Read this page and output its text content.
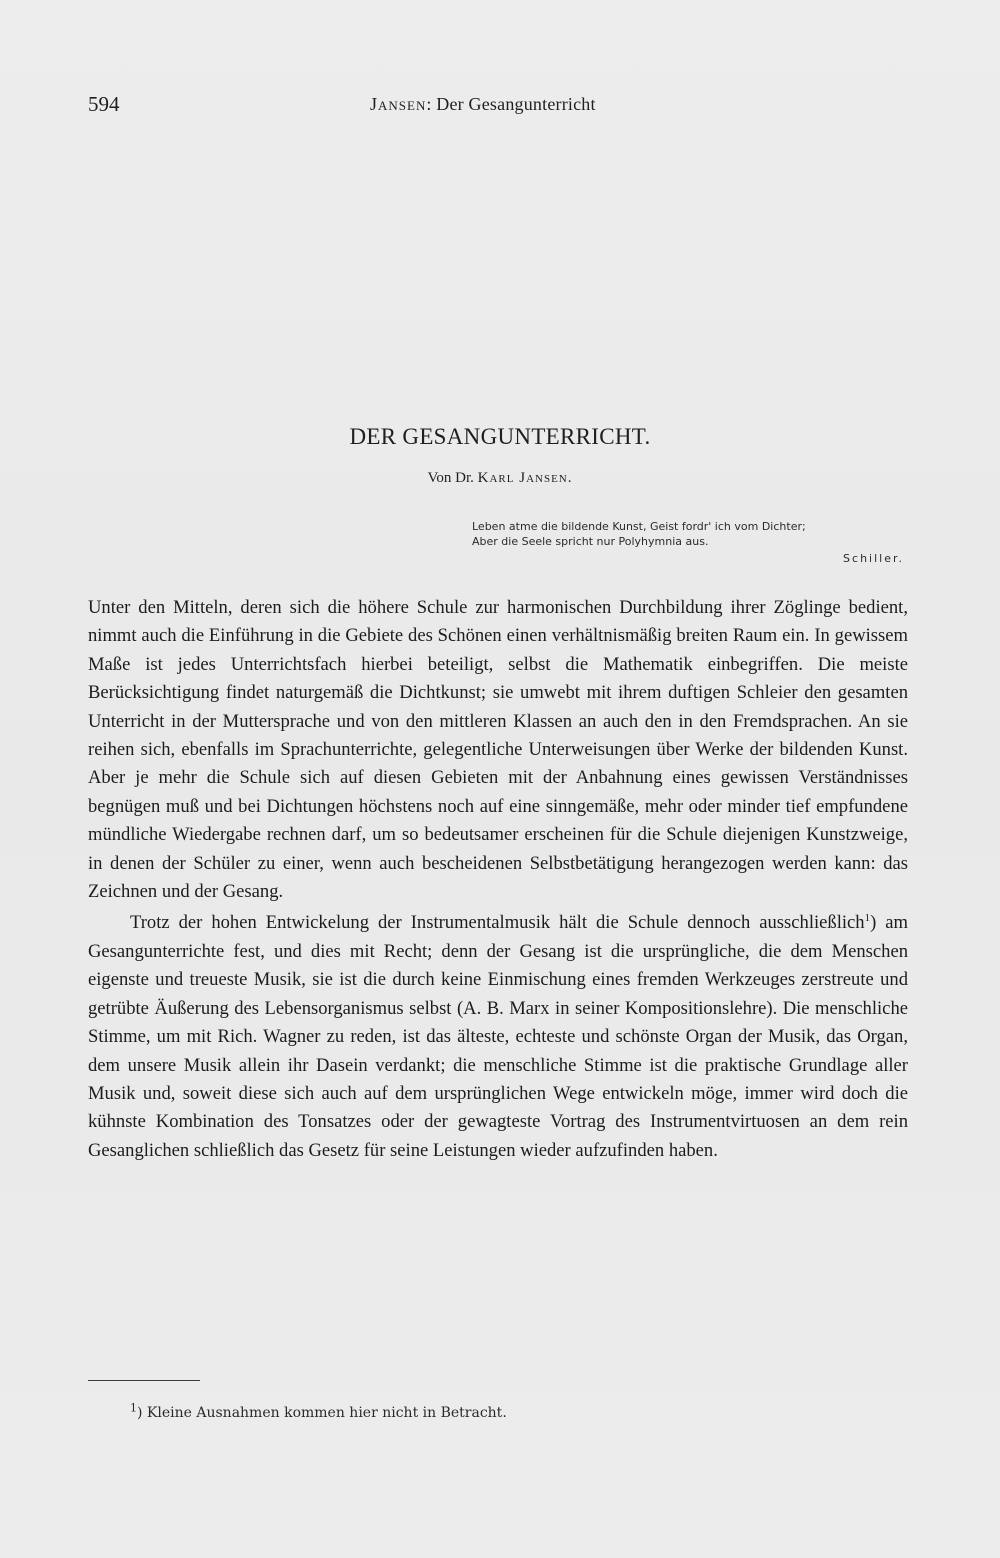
594	Jansen: Der Gesangunterricht
DER GESANGUNTERRICHT.
Von Dr. Karl Jansen.
Leben atme die bildende Kunst, Geist fordr' ich vom Dichter;
Aber die Seele spricht nur Polyhymnia aus.
Schiller.

Unter den Mitteln, deren sich die höhere Schule zur harmonischen Durchbildung ihrer Zöglinge bedient, nimmt auch die Einführung in die Gebiete des Schönen einen verhältnismäßig breiten Raum ein. In gewissem Maße ist jedes Unterrichtsfach hierbei beteiligt, selbst die Mathematik einbegriffen. Die meiste Berücksichtigung findet naturgemäß die Dichtkunst; sie umwebt mit ihrem duftigen Schleier den gesamten Unterricht in der Muttersprache und von den mittleren Klassen an auch den in den Fremdsprachen. An sie reihen sich, ebenfalls im Sprachunterrichte, gelegentliche Unterweisungen über Werke der bildenden Kunst. Aber je mehr die Schule sich auf diesen Gebieten mit der Anbahnung eines gewissen Verständnisses begnügen muß und bei Dichtungen höchstens noch auf eine sinngemäße, mehr oder minder tief empfundene mündliche Wiedergabe rechnen darf, um so bedeutsamer erscheinen für die Schule diejenigen Kunstzweige, in denen der Schüler zu einer, wenn auch bescheidenen Selbstbetätigung herangezogen werden kann: das Zeichnen und der Gesang.

Trotz der hohen Entwickelung der Instrumentalmusik hält die Schule dennoch ausschließlich$^1$) am Gesangunterrichte fest, und dies mit Recht; denn der Gesang ist die ursprüngliche, die dem Menschen eigenste und treueste Musik, sie ist die durch keine Einmischung eines fremden Werkzeuges zerstreute und getrübte Äußerung des Lebensorganismus selbst (A. B. Marx in seiner Kompositionslehre). Die menschliche Stimme, um mit Rich. Wagner zu reden, ist das älteste, echteste und schönste Organ der Musik, das Organ, dem unsere Musik allein ihr Dasein verdankt; die menschliche Stimme ist die praktische Grundlage aller Musik und, soweit diese sich auch auf dem ursprünglichen Wege entwickeln möge, immer wird doch die kühnste Kombination des Tonsatzes oder der gewagteste Vortrag des Instrumentvirtuosen an dem rein Gesanglichen schließlich das Gesetz für seine Leistungen wieder aufzufinden haben.

$^1$) Kleine Ausnahmen kommen hier nicht in Betracht.
